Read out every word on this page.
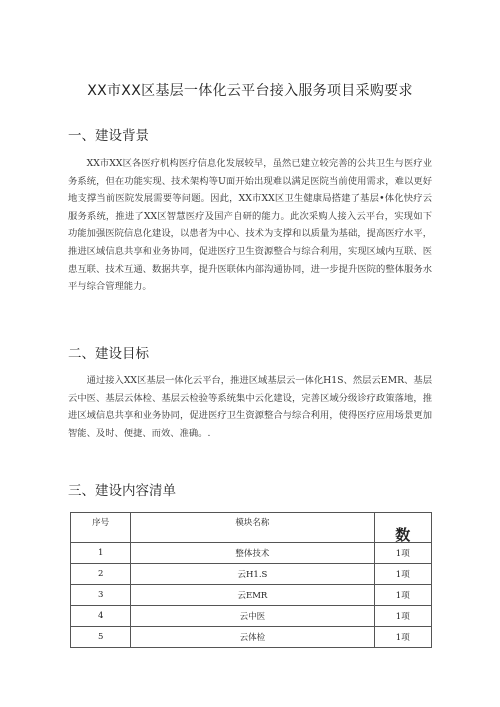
XX市XX区基层一体化云平台接入服务项目采购要求
一、建设背景

XX市XX区各医疗机构医疗信息化发展较早，虽然已建立较完善的公共卫生与医疗业务系统，但在功能实现、技术架构等U面开始出现难以满足医院当前使用需求，难以更好地支撑当前医院发展需要等问题。因此，XX市XX区卫生健康局搭建了基层•体化快疗云服务系统，推进了XX区智慧医疗及国产自研的能力。此次采购人接入云平台，实现如下功能加强医院信息化建设，以患者为中心、技术为支撑和以质量为基础，提高医疗水平，推进区域信息共享和业务协同，促进医疗卫生资源整合与综合利用，实现区域内互联、医患互联、技术互通、数据共享，提升医联体内部沟通协同，进一步提升医院的整体服务水平与综合管理能力。

二、建设目标

通过接入XX区基层一体化云平台，推进区域基层云一体化H1S、然层云EMR、基层云中医、基层云体检、基层云检验等系统集中云化建设，完善区域分级诊疗政策落地，推进区域信息共享和业务协同，促进医疗卫生资源整合与综合利用，使得医疗应用场景更加智能、及时、便捷、而效、准确。.

三、建设内容清单
序号	模块名称	数
1	整体技术	1项
2	云H1.S	1项
3	云EMR	1项
4	云中医	1项
5	云体检	1项
